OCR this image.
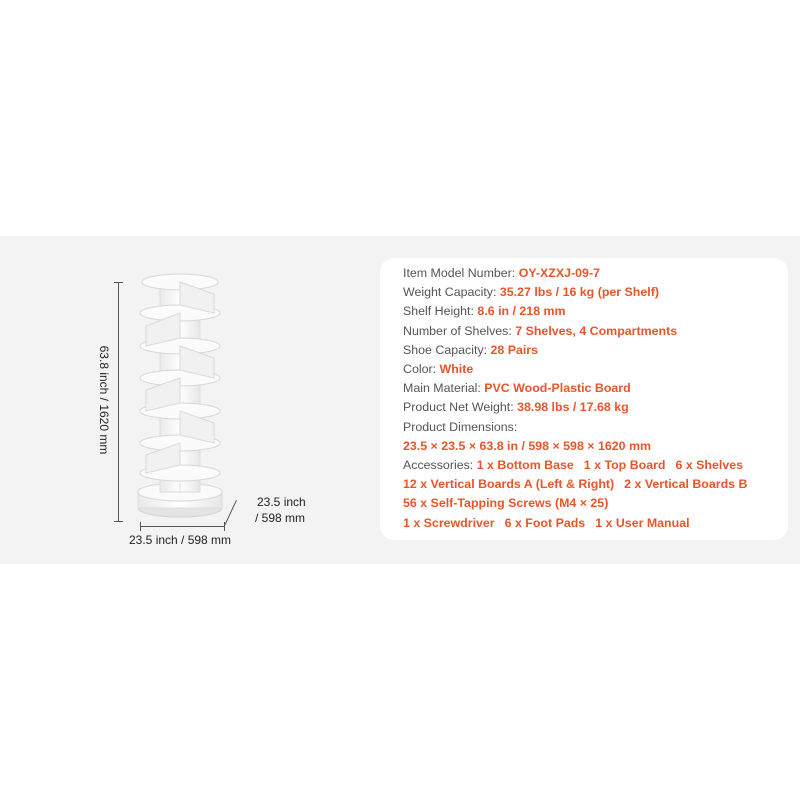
63.8 inch / 1620 mm
23.5 inch / 598 mm
23.5 inch
/ 598 mm
Item Model Number: OY-XZXJ-09-7
Weight Capacity: 35.27 lbs / 16 kg (per Shelf)
Shelf Height: 8.6 in / 218 mm
Number of Shelves: 7 Shelves, 4 Compartments
Shoe Capacity: 28 Pairs
Color: White
Main Material: PVC Wood-Plastic Board
Product Net Weight: 38.98 lbs / 17.68 kg
Product Dimensions:
23.5 × 23.5 × 63.8 in / 598 × 598 × 1620 mm
Accessories: 1 x Bottom Base 1 x Top Board 6 x Shelves
12 x Vertical Boards A (Left & Right) 2 x Vertical Boards B
56 x Self-Tapping Screws (M4 × 25)
1 x Screwdriver 6 x Foot Pads 1 x User Manual
